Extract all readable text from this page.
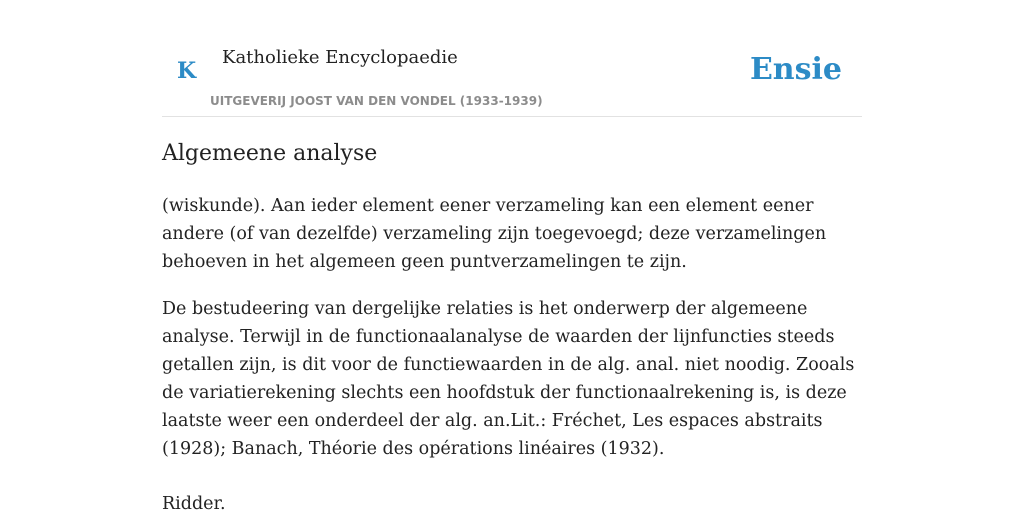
K
Katholieke Encyclopaedie
UITGEVERIJ JOOST VAN DEN VONDEL (1933-1939)
Ensie
Algemeene analyse

(wiskunde). Aan ieder element eener verzameling kan een element eener andere (of van dezelfde) verzameling zijn toegevoegd; deze verzamelingen behoeven in het algemeen geen puntverzamelingen te zijn.

De bestudeering van dergelijke relaties is het onderwerp der algemeene analyse. Terwijl in de functionaalanalyse de waarden der lijnfuncties steeds getallen zijn, is dit voor de functiewaarden in de alg. anal. niet noodig. Zooals de variatierekening slechts een hoofdstuk der functionaalrekening is, is deze laatste weer een onderdeel der alg. an.Lit.: Fréchet, Les espaces abstraits (1928); Banach, Théorie des opérations linéaires (1932).

Ridder.
